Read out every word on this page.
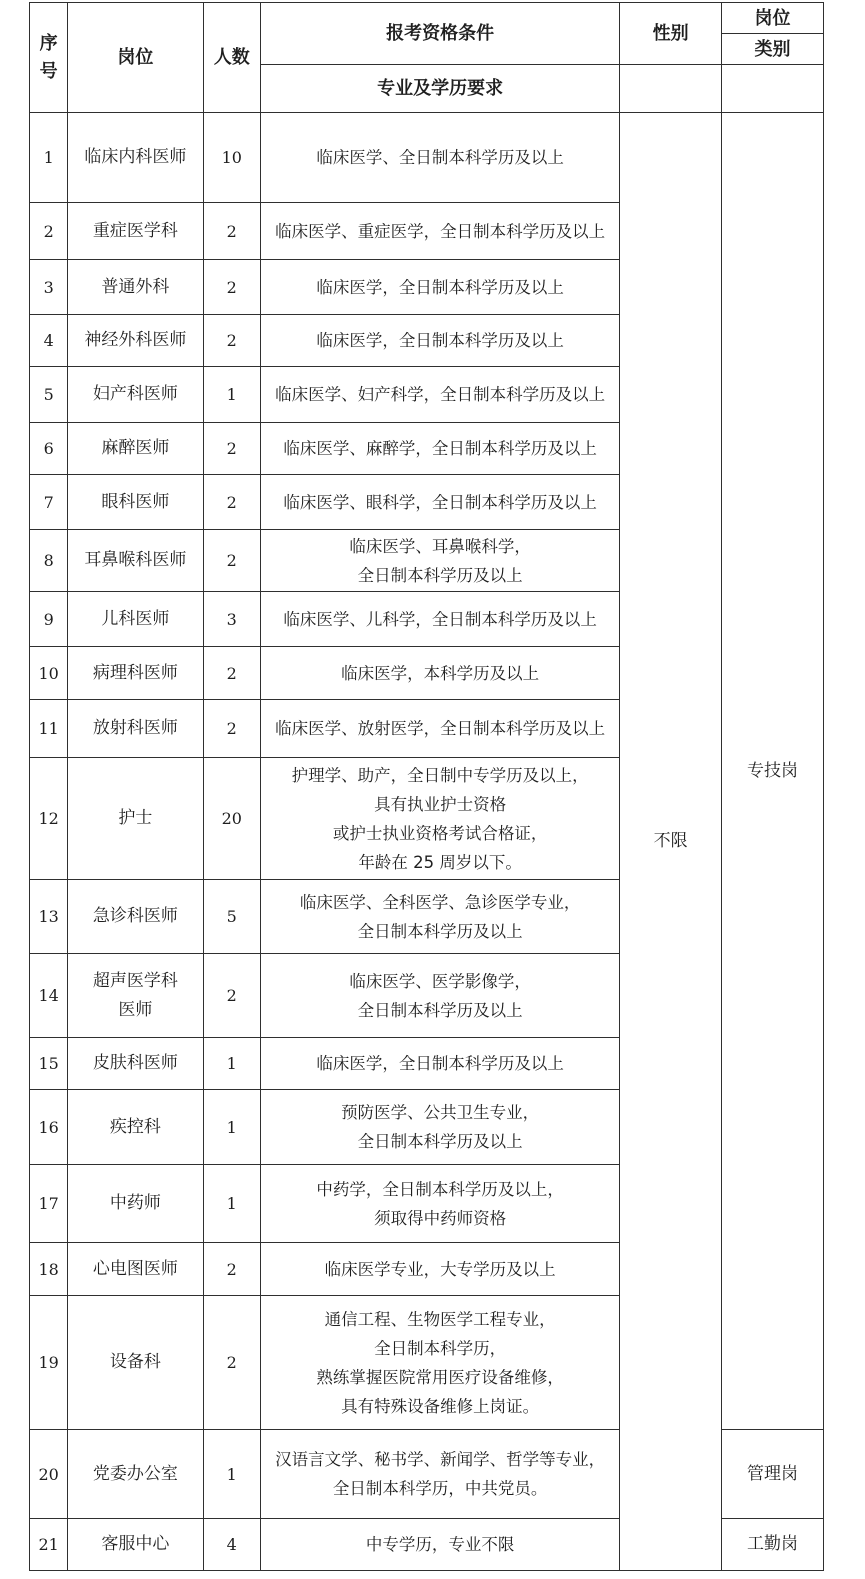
序号	岗位	人数	报考资格条件	性别	岗位
					类别
			专业及学历要求		
1	临床内科医师	10	临床医学、全日制本科学历及以上	不限	专技岗
2	重症医学科	2	临床医学、重症医学，全日制本科学历及以上		

3	普通外科	2	临床医学，全日制本科学历及以上		

4	神经外科医师	2	临床医学，全日制本科学历及以上		

5	妇产科医师	1	临床医学、妇产科学，全日制本科学历及以上		

6	麻醉医师	2	临床医学、麻醉学，全日制本科学历及以上		

7	眼科医师	2	临床医学、眼科学，全日制本科学历及以上		

8	耳鼻喉科医师	2	临床医学、耳鼻喉科学，
全日制本科学历及以上		

9	儿科医师	3	临床医学、儿科学，全日制本科学历及以上		

10	病理科医师	2	临床医学，本科学历及以上		

11	放射科医师	2	临床医学、放射医学，全日制本科学历及以上		

12	护士	20	护理学、助产，全日制中专学历及以上，
具有执业护士资格
或护士执业资格考试合格证，
年龄在 25 周岁以下。		

13	急诊科医师	5	临床医学、全科医学、急诊医学专业，
全日制本科学历及以上		

14	超声医学科
医师	2	临床医学、医学影像学，
全日制本科学历及以上		

15	皮肤科医师	1	临床医学，全日制本科学历及以上		

16	疾控科	1	预防医学、公共卫生专业，
全日制本科学历及以上		

17	中药师	1	中药学，全日制本科学历及以上，
须取得中药师资格		

18	心电图医师	2	临床医学专业，大专学历及以上		

19	设备科	2	通信工程、生物医学工程专业，
全日制本科学历，
熟练掌握医院常用医疗设备维修，
具有特殊设备维修上岗证。		

20	党委办公室	1	汉语言文学、秘书学、新闻学、哲学等专业，
全日制本科学历，中共党员。		管理岗
21	客服中心	4	中专学历，专业不限		工勤岗
